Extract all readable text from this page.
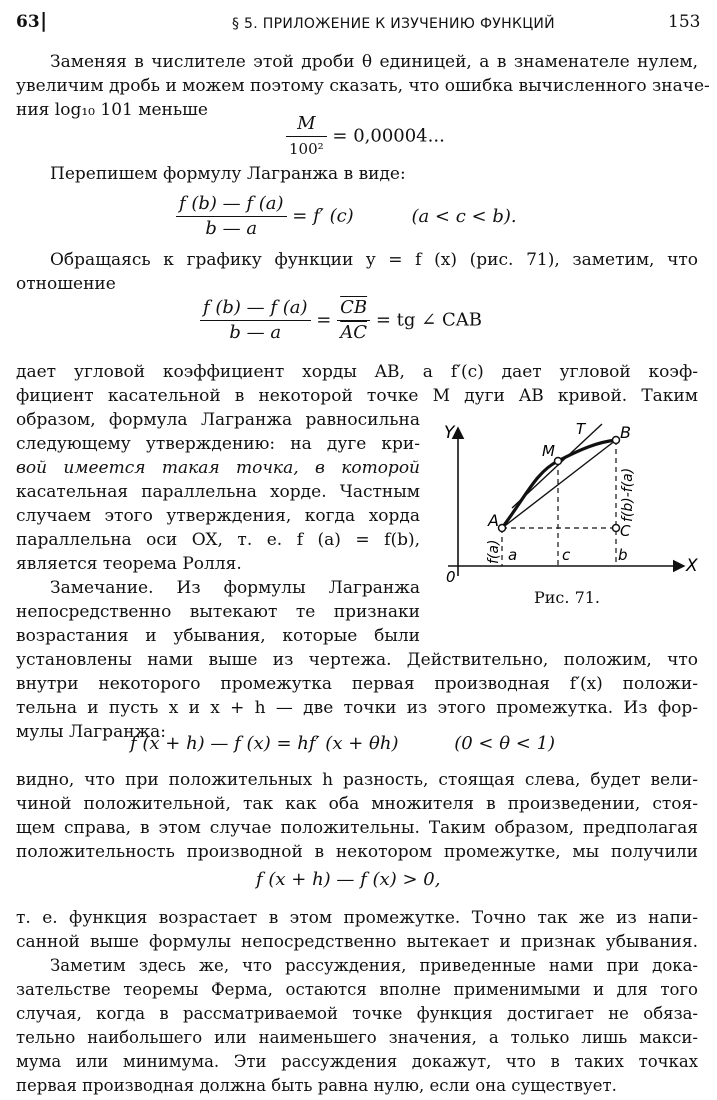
63 |	§ 5. ПРИЛОЖЕНИЕ К ИЗУЧЕНИЮ ФУНКЦИЙ	153
Заменяя в числителе этой дроби θ единицей, а в знаменателе нулем,
увеличим дробь и можем поэтому сказать, что ошибка вычисленного значе-
ния log₁₀ 101 меньше
$\frac{M}{\text{100²}} = 0,00004$...
Перепишем формулу Лагранжа в виде:
$\frac{f (b) — f (a)}{b — a} = f'$ (c)	(a < c < b).
Обращаясь к графику функции y = f (x) (рис. 71), заметим, что
отношение
$\frac{f (b) — f (a)}{b — a} = \frac{\overline{CB}}{AC}$ = tg ∠ CAB
дает угловой коэффициент хорды AB, а f′(c) дает угловой коэф-
фициент касательной в некоторой точке M дуги AB кривой. Таким
образом, формула Лагранжа равносильна
следующему утверждению: на дуге кри-
вой имеется такая точка, в которой
касательная параллельна хорде. Частным
случаем этого утверждения, когда хорда
параллельна оси OX, т. е. f (a) = f(b),
является теорема Ролля.
Замечание. Из формулы Лагранжа
непосредственно вытекают те признаки
возрастания и убывания, которые были
установлены нами выше из чертежа. Действительно, положим, что
внутри некоторого промежутка первая производная f′(x) положи-
тельна и пусть x и x + h — две точки из этого промежутка. Из фор-
мулы Лагранжа:
f (x + h) — f (x) = hf′ (x + θh)	(0 < θ < 1)
видно, что при положительных h разность, стоящая слева, будет вели-
чиной положительной, так как оба множителя в произведении, стоя-
щем справа, в этом случае положительны. Таким образом, предполагая
положительность производной в некотором промежутке, мы получили
f (x + h) — f (x) > 0,
т. е. функция возрастает в этом промежутке. Точно так же из напи-
санной выше формулы непосредственно вытекает и признак убывания.
Заметим здесь же, что рассуждения, приведенные нами при дока-
зательстве теоремы Ферма, остаются вполне применимыми и для того
случая, когда в рассматриваемой точке функция достигает не обяза-
тельно наибольшего или наименьшего значения, а только лишь макси-
мума или минимума. Эти рассуждения докажут, что в таких точках
первая производная должна быть равна нулю, если она существует.
Y
X
0
A
B
M
T
C
a	c	b
f(a)
f(b)-f(a)
Рис. 71.
